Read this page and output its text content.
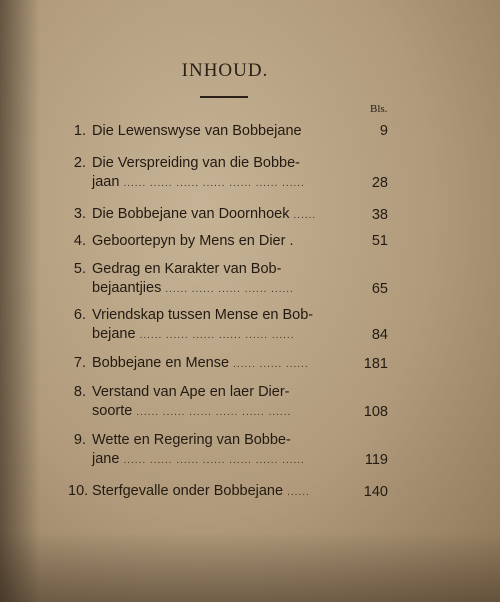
INHOUD.
Bls.
1. Die Lewenswyse van Bobbejane	9
2. Die Verspreiding van die Bobbe-
jaan ...... ...... ...... ...... ...... ...... ......	28
3. Die Bobbejane van Doornhoek ......	38
4. Geboortepyn by Mens en Dier .	51
5. Gedrag en Karakter van Bob-
bejaantjies ...... ...... ...... ...... ......	65
6. Vriendskap tussen Mense en Bob-
bejane ...... ...... ...... ...... ...... ......	84
7. Bobbejane en Mense ...... ...... ......	181
8. Verstand van Ape en laer Dier-
soorte ...... ...... ...... ...... ...... ......	108
9. Wette en Regering van Bobbe-
jane ...... ...... ...... ...... ...... ...... ......	119
10. Sterfgevalle onder Bobbejane ......	140
